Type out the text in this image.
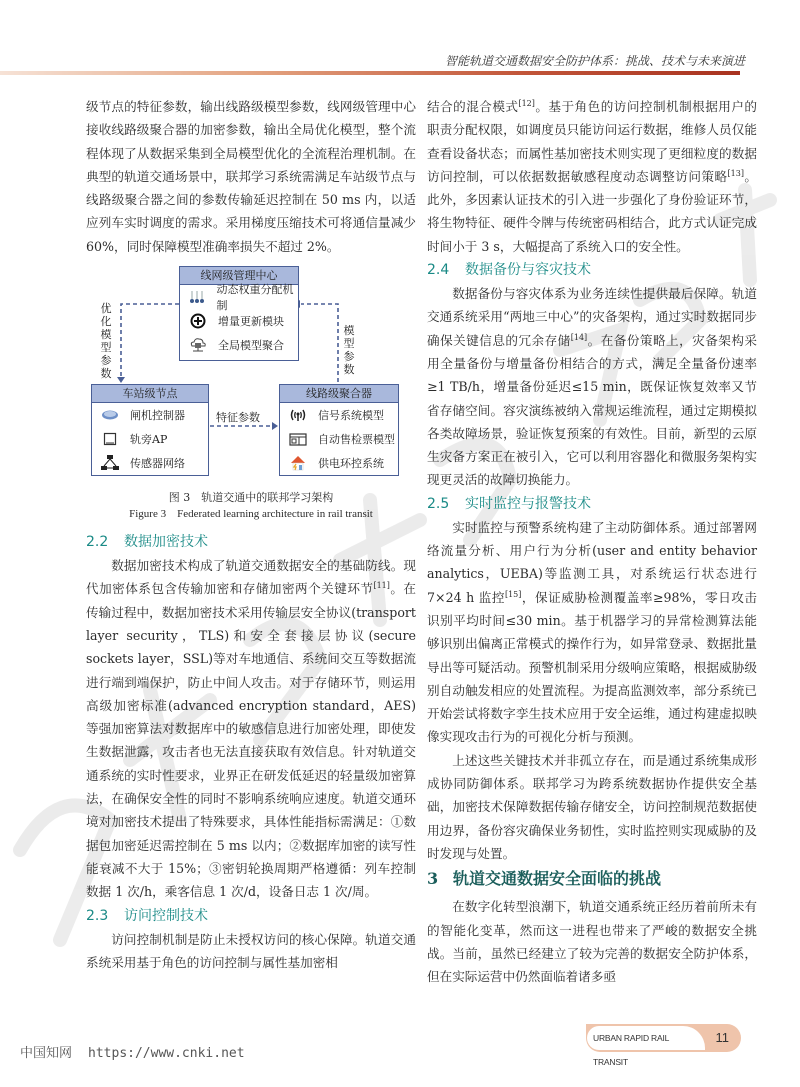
智能轨道交通数据安全防护体系：挑战、技术与未来演进

级节点的特征参数，输出线路级模型参数，线网级管理中心接收线路级聚合器的加密参数，输出全局优化模型，整个流程体现了从数据采集到全局模型优化的全流程治理机制。在典型的轨道交通场景中，联邦学习系统需满足车站级节点与线路级聚合器之间的参数传输延迟控制在 50 ms 内，以适应列车实时调度的需求。采用梯度压缩技术可将通信量减少 60%，同时保障模型准确率损失不超过 2%。

线网级管理中心
动态权重分配机制
增量更新模块
全局模型聚合
车站级节点
闸机控制器
轨旁AP
传感器网络
线路级聚合器
信号系统模型
自动售检票模型
供电环控系统
优化模型参数
模型参数
特征参数
图 3　轨道交通中的联邦学习架构
Figure 3　Federated learning architecture in rail transit
2.2 数据加密技术

数据加密技术构成了轨道交通数据安全的基础防线。现代加密体系包含传输加密和存储加密两个关键环节[11]。在传输过程中，数据加密技术采用传输层安全协议(transport layer security，TLS)和安全套接层协议(secure sockets layer，SSL)等对车地通信、系统间交互等数据流进行端到端保护，防止中间人攻击。对于存储环节，则运用高级加密标准(advanced encryption standard，AES)等强加密算法对数据库中的敏感信息进行加密处理，即使发生数据泄露，攻击者也无法直接获取有效信息。针对轨道交通系统的实时性要求，业界正在研发低延迟的轻量级加密算法，在确保安全性的同时不影响系统响应速度。轨道交通环境对加密技术提出了特殊要求，具体性能指标需满足：①数据包加密延迟需控制在 5 ms 以内；②数据库加密的读写性能衰减不大于 15%；③密钥轮换周期严格遵循：列车控制数据 1 次/h，乘客信息 1 次/d，设备日志 1 次/周。

2.3 访问控制技术

访问控制机制是防止未授权访问的核心保障。轨道交通系统采用基于角色的访问控制与属性基加密相

结合的混合模式[12]。基于角色的访问控制机制根据用户的职责分配权限，如调度员只能访问运行数据，维修人员仅能查看设备状态；而属性基加密技术则实现了更细粒度的数据访问控制，可以依据数据敏感程度动态调整访问策略[13]。此外，多因素认证技术的引入进一步强化了身份验证环节，将生物特征、硬件令牌与传统密码相结合，此方式认证完成时间小于 3 s，大幅提高了系统入口的安全性。

2.4 数据备份与容灾技术

数据备份与容灾体系为业务连续性提供最后保障。轨道交通系统采用“两地三中心”的灾备架构，通过实时数据同步确保关键信息的冗余存储[14]。在备份策略上，灾备架构采用全量备份与增量备份相结合的方式，满足全量备份速率≥1 TB/h，增量备份延迟≤15 min，既保证恢复效率又节省存储空间。容灾演练被纳入常规运维流程，通过定期模拟各类故障场景，验证恢复预案的有效性。目前，新型的云原生灾备方案正在被引入，它可以利用容器化和微服务架构实现更灵活的故障切换能力。

2.5 实时监控与报警技术

实时监控与预警系统构建了主动防御体系。通过部署网络流量分析、用户行为分析(user and entity behavior analytics，UEBA)等监测工具，对系统运行状态进行 7×24 h 监控[15]，保证威胁检测覆盖率≥98%，零日攻击识别平均时间≤30 min。基于机器学习的异常检测算法能够识别出偏离正常模式的操作行为，如异常登录、数据批量导出等可疑活动。预警机制采用分级响应策略，根据威胁级别自动触发相应的处置流程。为提高监测效率，部分系统已开始尝试将数字孪生技术应用于安全运维，通过构建虚拟映像实现攻击行为的可视化分析与预测。

上述这些关键技术并非孤立存在，而是通过系统集成形成协同防御体系。联邦学习为跨系统数据协作提供安全基础，加密技术保障数据传输存储安全，访问控制规范数据使用边界，备份容灾确保业务韧性，实时监控则实现威胁的及时发现与处置。

3 轨道交通数据安全面临的挑战

在数字化转型浪潮下，轨道交通系统正经历着前所未有的智能化变革，然而这一进程也带来了严峻的数据安全挑战。当前，虽然已经建立了较为完善的数据安全防护体系，但在实际运营中仍然面临着诸多亟

中国知网 https://www.cnki.net
URBAN RAPID RAIL TRANSIT
11
